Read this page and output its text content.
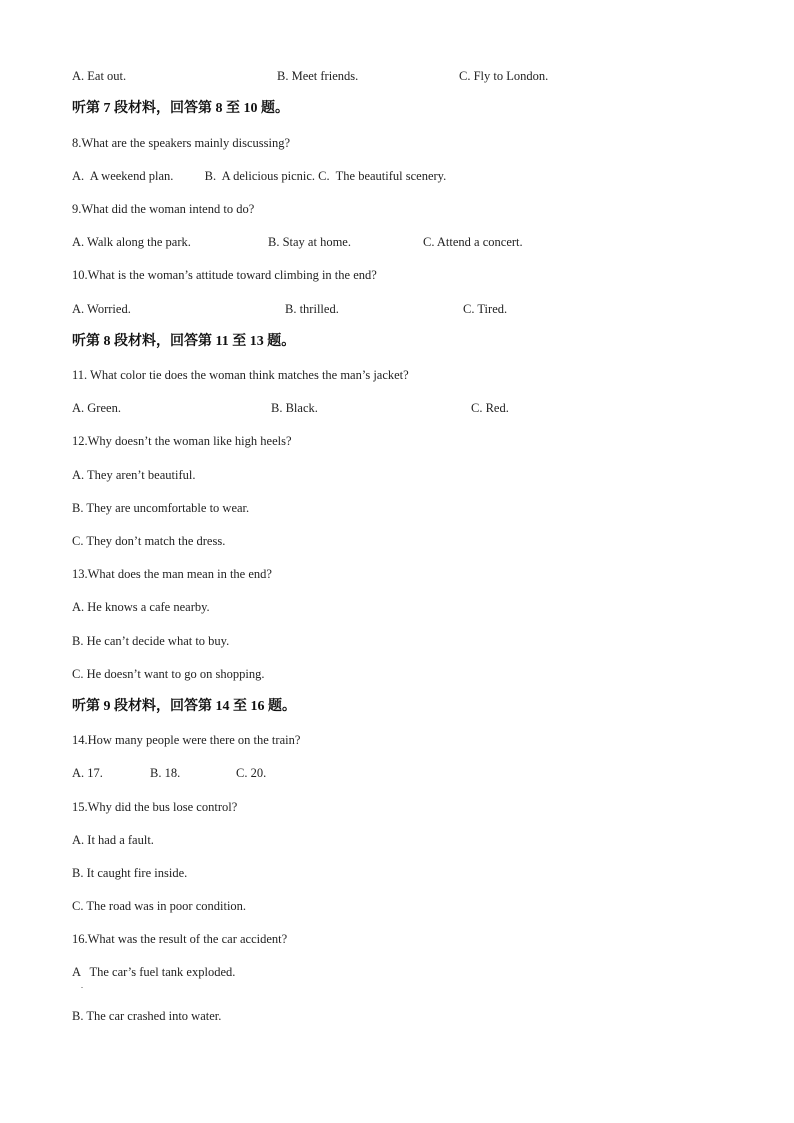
A. Eat out.	B. Meet friends.	C. Fly to London.
听第 7 段材料，回答第 8 至 10 题。
8.What are the speakers mainly discussing?
A.  A weekend plan.          B.  A delicious picnic. C.  The beautiful scenery.
9.What did the woman intend to do?
A. Walk along the park.	B. Stay at home.	C. Attend a concert.
10.What is the woman’s attitude toward climbing in the end?
A. Worried.	B. thrilled.	C. Tired.
听第 8 段材料，回答第 11 至 13 题。
11. What color tie does the woman think matches the man’s jacket?
A. Green.	B. Black.	C. Red.
12.Why doesn’t the woman like high heels?
A. They aren’t beautiful.
B. They are uncomfortable to wear.
C. They don’t match the dress.
13.What does the man mean in the end?
A. He knows a cafe nearby.
B. He can’t decide what to buy.
C. He doesn’t want to go on shopping.
听第 9 段材料，回答第 14 至 16 题。
14.How many people were there on the train?
A. 17.	B. 18.	C. 20.
15.Why did the bus lose control?
A. It had a fault.
B. It caught fire inside.
C. The road was in poor condition.
16.What was the result of the car accident?
A   The car’s fuel tank exploded.
.
B. The car crashed into water.
